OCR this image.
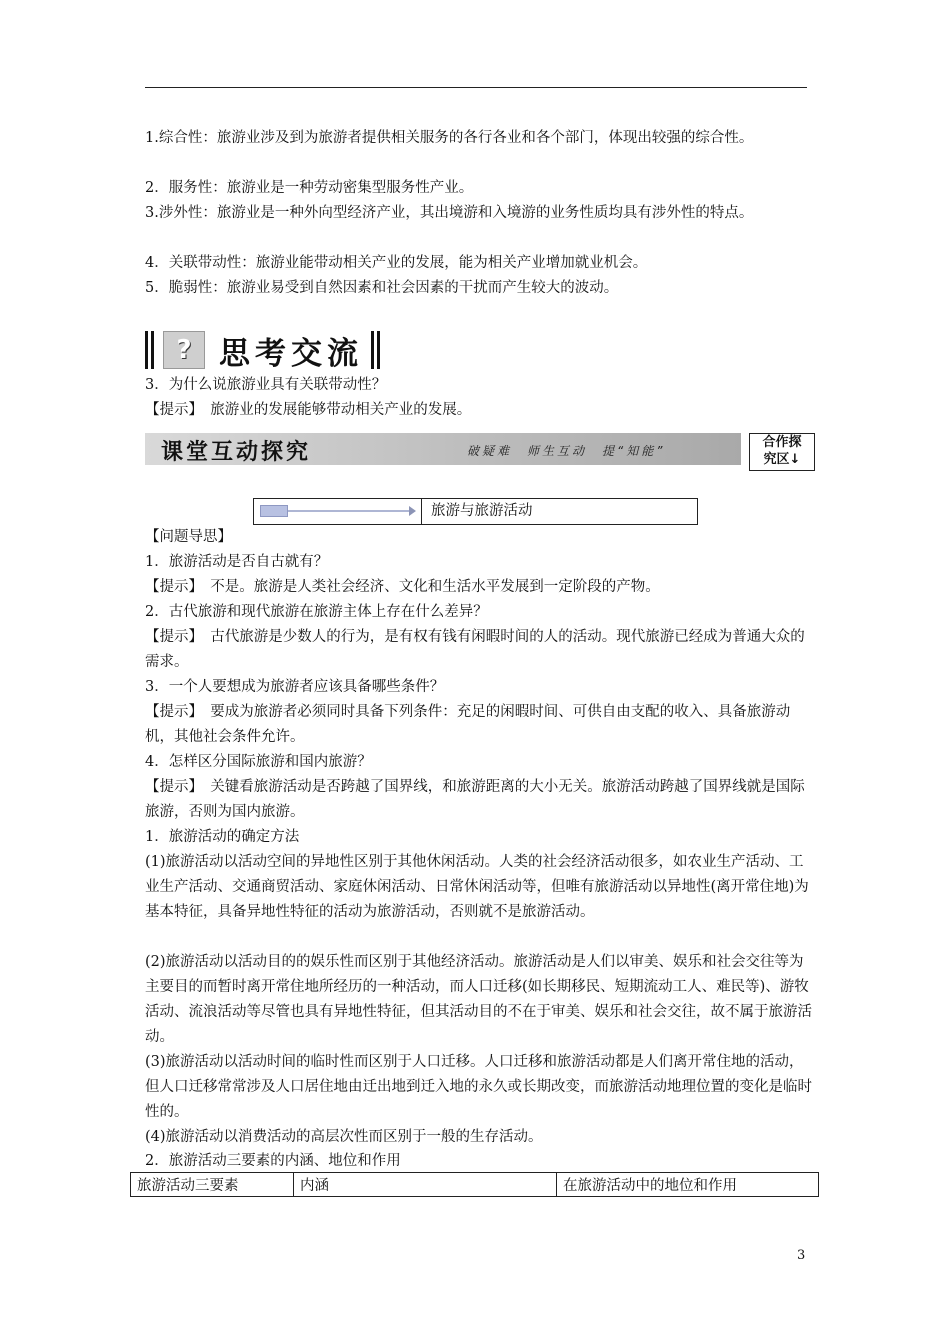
1.综合性：旅游业涉及到为旅游者提供相关服务的各行各业和各个部门，体现出较强的综合性。

2．服务性：旅游业是一种劳动密集型服务性产业。

3.涉外性：旅游业是一种外向型经济产业，其出境游和入境游的业务性质均具有涉外性的特点。

4．关联带动性：旅游业能带动相关产业的发展，能为相关产业增加就业机会。

5．脆弱性：旅游业易受到自然因素和社会因素的干扰而产生较大的波动。

? 思考交流

3．为什么说旅游业具有关联带动性？

【提示】　旅游业的发展能够带动相关产业的发展。

课堂互动探究	破疑难　师生互动　提“知能”
合作探
究区↓
旅游与旅游活动

【问题导思】

1．旅游活动是否自古就有？

【提示】　不是。旅游是人类社会经济、文化和生活水平发展到一定阶段的产物。

2．古代旅游和现代旅游在旅游主体上存在什么差异？

【提示】　古代旅游是少数人的行为，是有权有钱有闲暇时间的人的活动。现代旅游已经成为普通大众的需求。

3．一个人要想成为旅游者应该具备哪些条件？

【提示】　要成为旅游者必须同时具备下列条件：充足的闲暇时间、可供自由支配的收入、具备旅游动机，其他社会条件允许。

4．怎样区分国际旅游和国内旅游？

【提示】　关键看旅游活动是否跨越了国界线，和旅游距离的大小无关。旅游活动跨越了国界线就是国际旅游，否则为国内旅游。

1．旅游活动的确定方法

(1)旅游活动以活动空间的异地性区别于其他休闲活动。人类的社会经济活动很多，如农业生产活动、工业生产活动、交通商贸活动、家庭休闲活动、日常休闲活动等，但唯有旅游活动以异地性(离开常住地)为基本特征，具备异地性特征的活动为旅游活动，否则就不是旅游活动。

(2)旅游活动以活动目的的娱乐性而区别于其他经济活动。旅游活动是人们以审美、娱乐和社会交往等为主要目的而暂时离开常住地所经历的一种活动，而人口迁移(如长期移民、短期流动工人、难民等)、游牧活动、流浪活动等尽管也具有异地性特征，但其活动目的不在于审美、娱乐和社会交往，故不属于旅游活动。

(3)旅游活动以活动时间的临时性而区别于人口迁移。人口迁移和旅游活动都是人们离开常住地的活动，但人口迁移常常涉及人口居住地由迁出地到迁入地的永久或长期改变，而旅游活动地理位置的变化是临时性的。

(4)旅游活动以消费活动的高层次性而区别于一般的生存活动。

2．旅游活动三要素的内涵、地位和作用

旅游活动三要素	内涵	在旅游活动中的地位和作用
3
